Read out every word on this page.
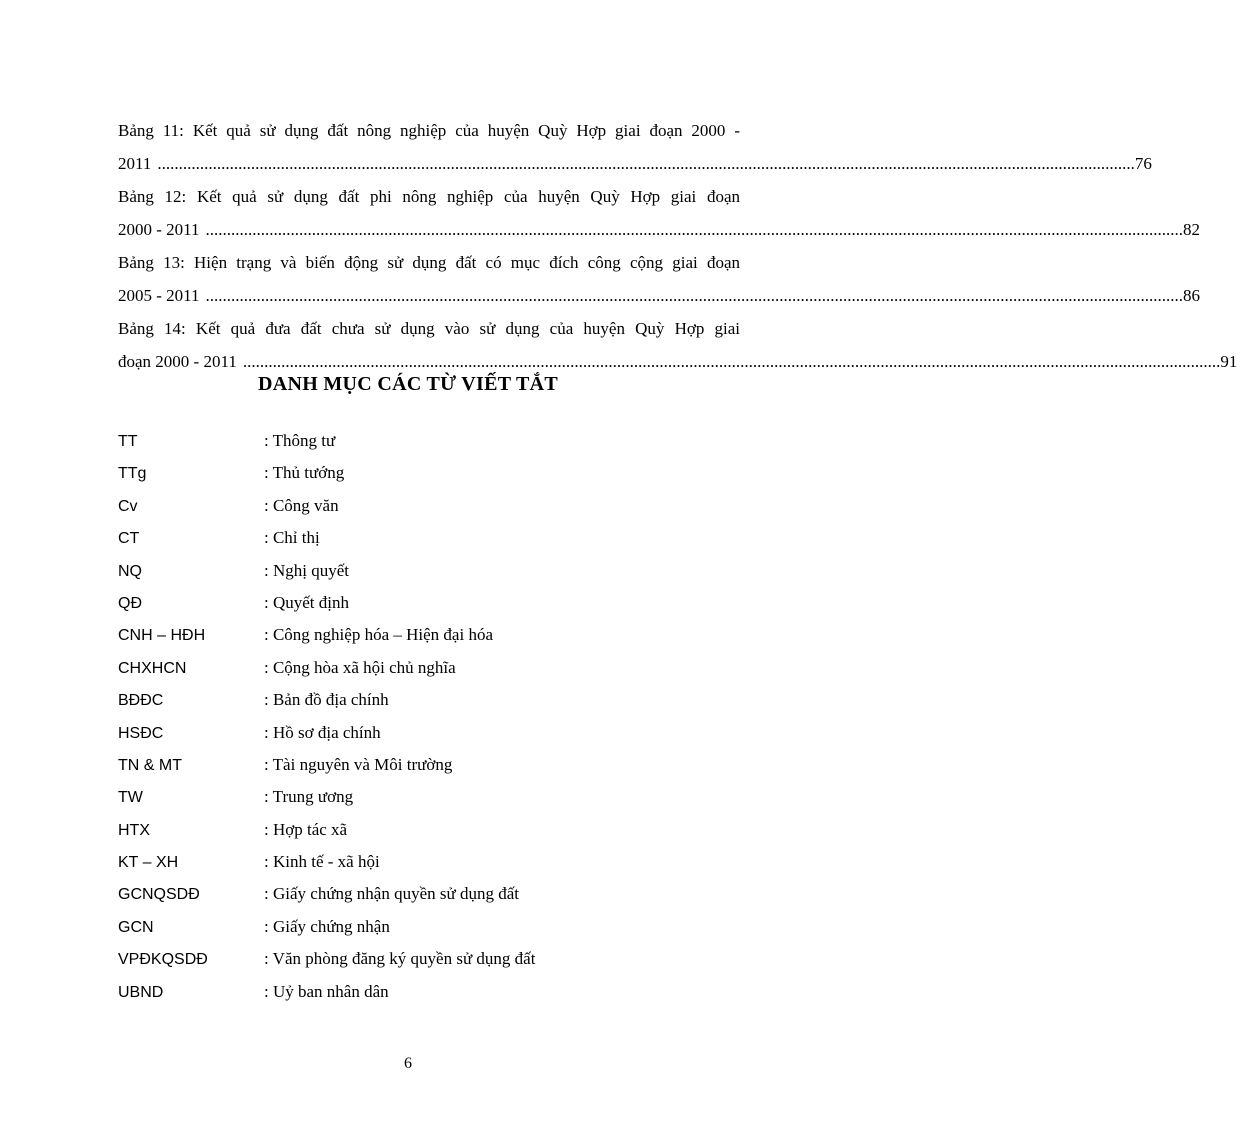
Bảng 11: Kết quả sử dụng đất nông nghiệp của huyện Quỳ Hợp giai đoạn 2000 -
2011 ...................................................................................................................................................................................................................................... 76
Bảng 12: Kết quả sử dụng đất phi nông nghiệp của huyện Quỳ Hợp giai đoạn
2000 - 2011 ...................................................................................................................................................................................................................................... 82
Bảng 13: Hiện trạng và biến động sử dụng đất có mục đích công cộng giai đoạn
2005 - 2011 ...................................................................................................................................................................................................................................... 86
Bảng 14: Kết quả đưa đất chưa sử dụng vào sử dụng của huyện Quỳ Hợp giai
đoạn 2000 - 2011 ...................................................................................................................................................................................................................................... 91
DANH MỤC CÁC TỪ VIẾT TẮT
TT	: Thông tư
TTg	: Thủ tướng
Cv	: Công văn
CT	: Chỉ thị
NQ	: Nghị quyết
QĐ	: Quyết định
CNH – HĐH	: Công nghiệp hóa – Hiện đại hóa
CHXHCN	: Cộng hòa xã hội chủ nghĩa
BĐĐC	: Bản đồ địa chính
HSĐC	: Hồ sơ địa chính
TN & MT	: Tài nguyên và Môi trường
TW	: Trung ương
HTX	: Hợp tác xã
KT – XH	: Kinh tế - xã hội
GCNQSDĐ	: Giấy chứng nhận quyền sử dụng đất
GCN	: Giấy chứng nhận
VPĐKQSDĐ	: Văn phòng đăng ký quyền sử dụng đất
UBND	: Uỷ ban nhân dân
6
